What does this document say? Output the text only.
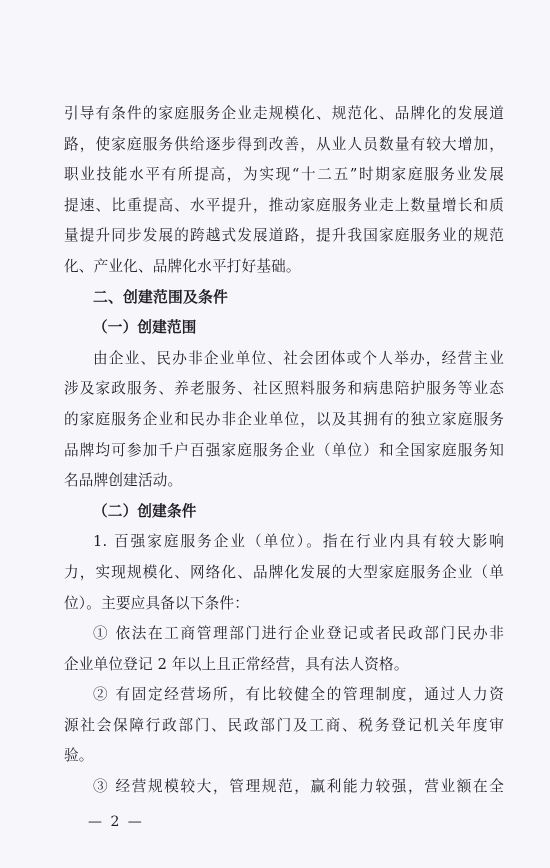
引导有条件的家庭服务企业走规模化、规范化、品牌化的发展道
路，使家庭服务供给逐步得到改善，从业人员数量有较大增加，
职业技能水平有所提高，为实现“十二五”时期家庭服务业发展
提速、比重提高、水平提升，推动家庭服务业走上数量增长和质
量提升同步发展的跨越式发展道路，提升我国家庭服务业的规范
化、产业化、品牌化水平打好基础。
二、创建范围及条件
（一）创建范围
由企业、民办非企业单位、社会团体或个人举办，经营主业
涉及家政服务、养老服务、社区照料服务和病患陪护服务等业态
的家庭服务企业和民办非企业单位，以及其拥有的独立家庭服务
品牌均可参加千户百强家庭服务企业（单位）和全国家庭服务知
名品牌创建活动。
（二）创建条件
1. 百强家庭服务企业（单位）。指在行业内具有较大影响
力，实现规模化、网络化、品牌化发展的大型家庭服务企业（单
位）。主要应具备以下条件：
① 依法在工商管理部门进行企业登记或者民政部门民办非
企业单位登记 2 年以上且正常经营，具有法人资格。
② 有固定经营场所，有比较健全的管理制度，通过人力资
源社会保障行政部门、民政部门及工商、税务登记机关年度审
验。
③ 经营规模较大，管理规范，赢利能力较强，营业额在全
— 2 —
